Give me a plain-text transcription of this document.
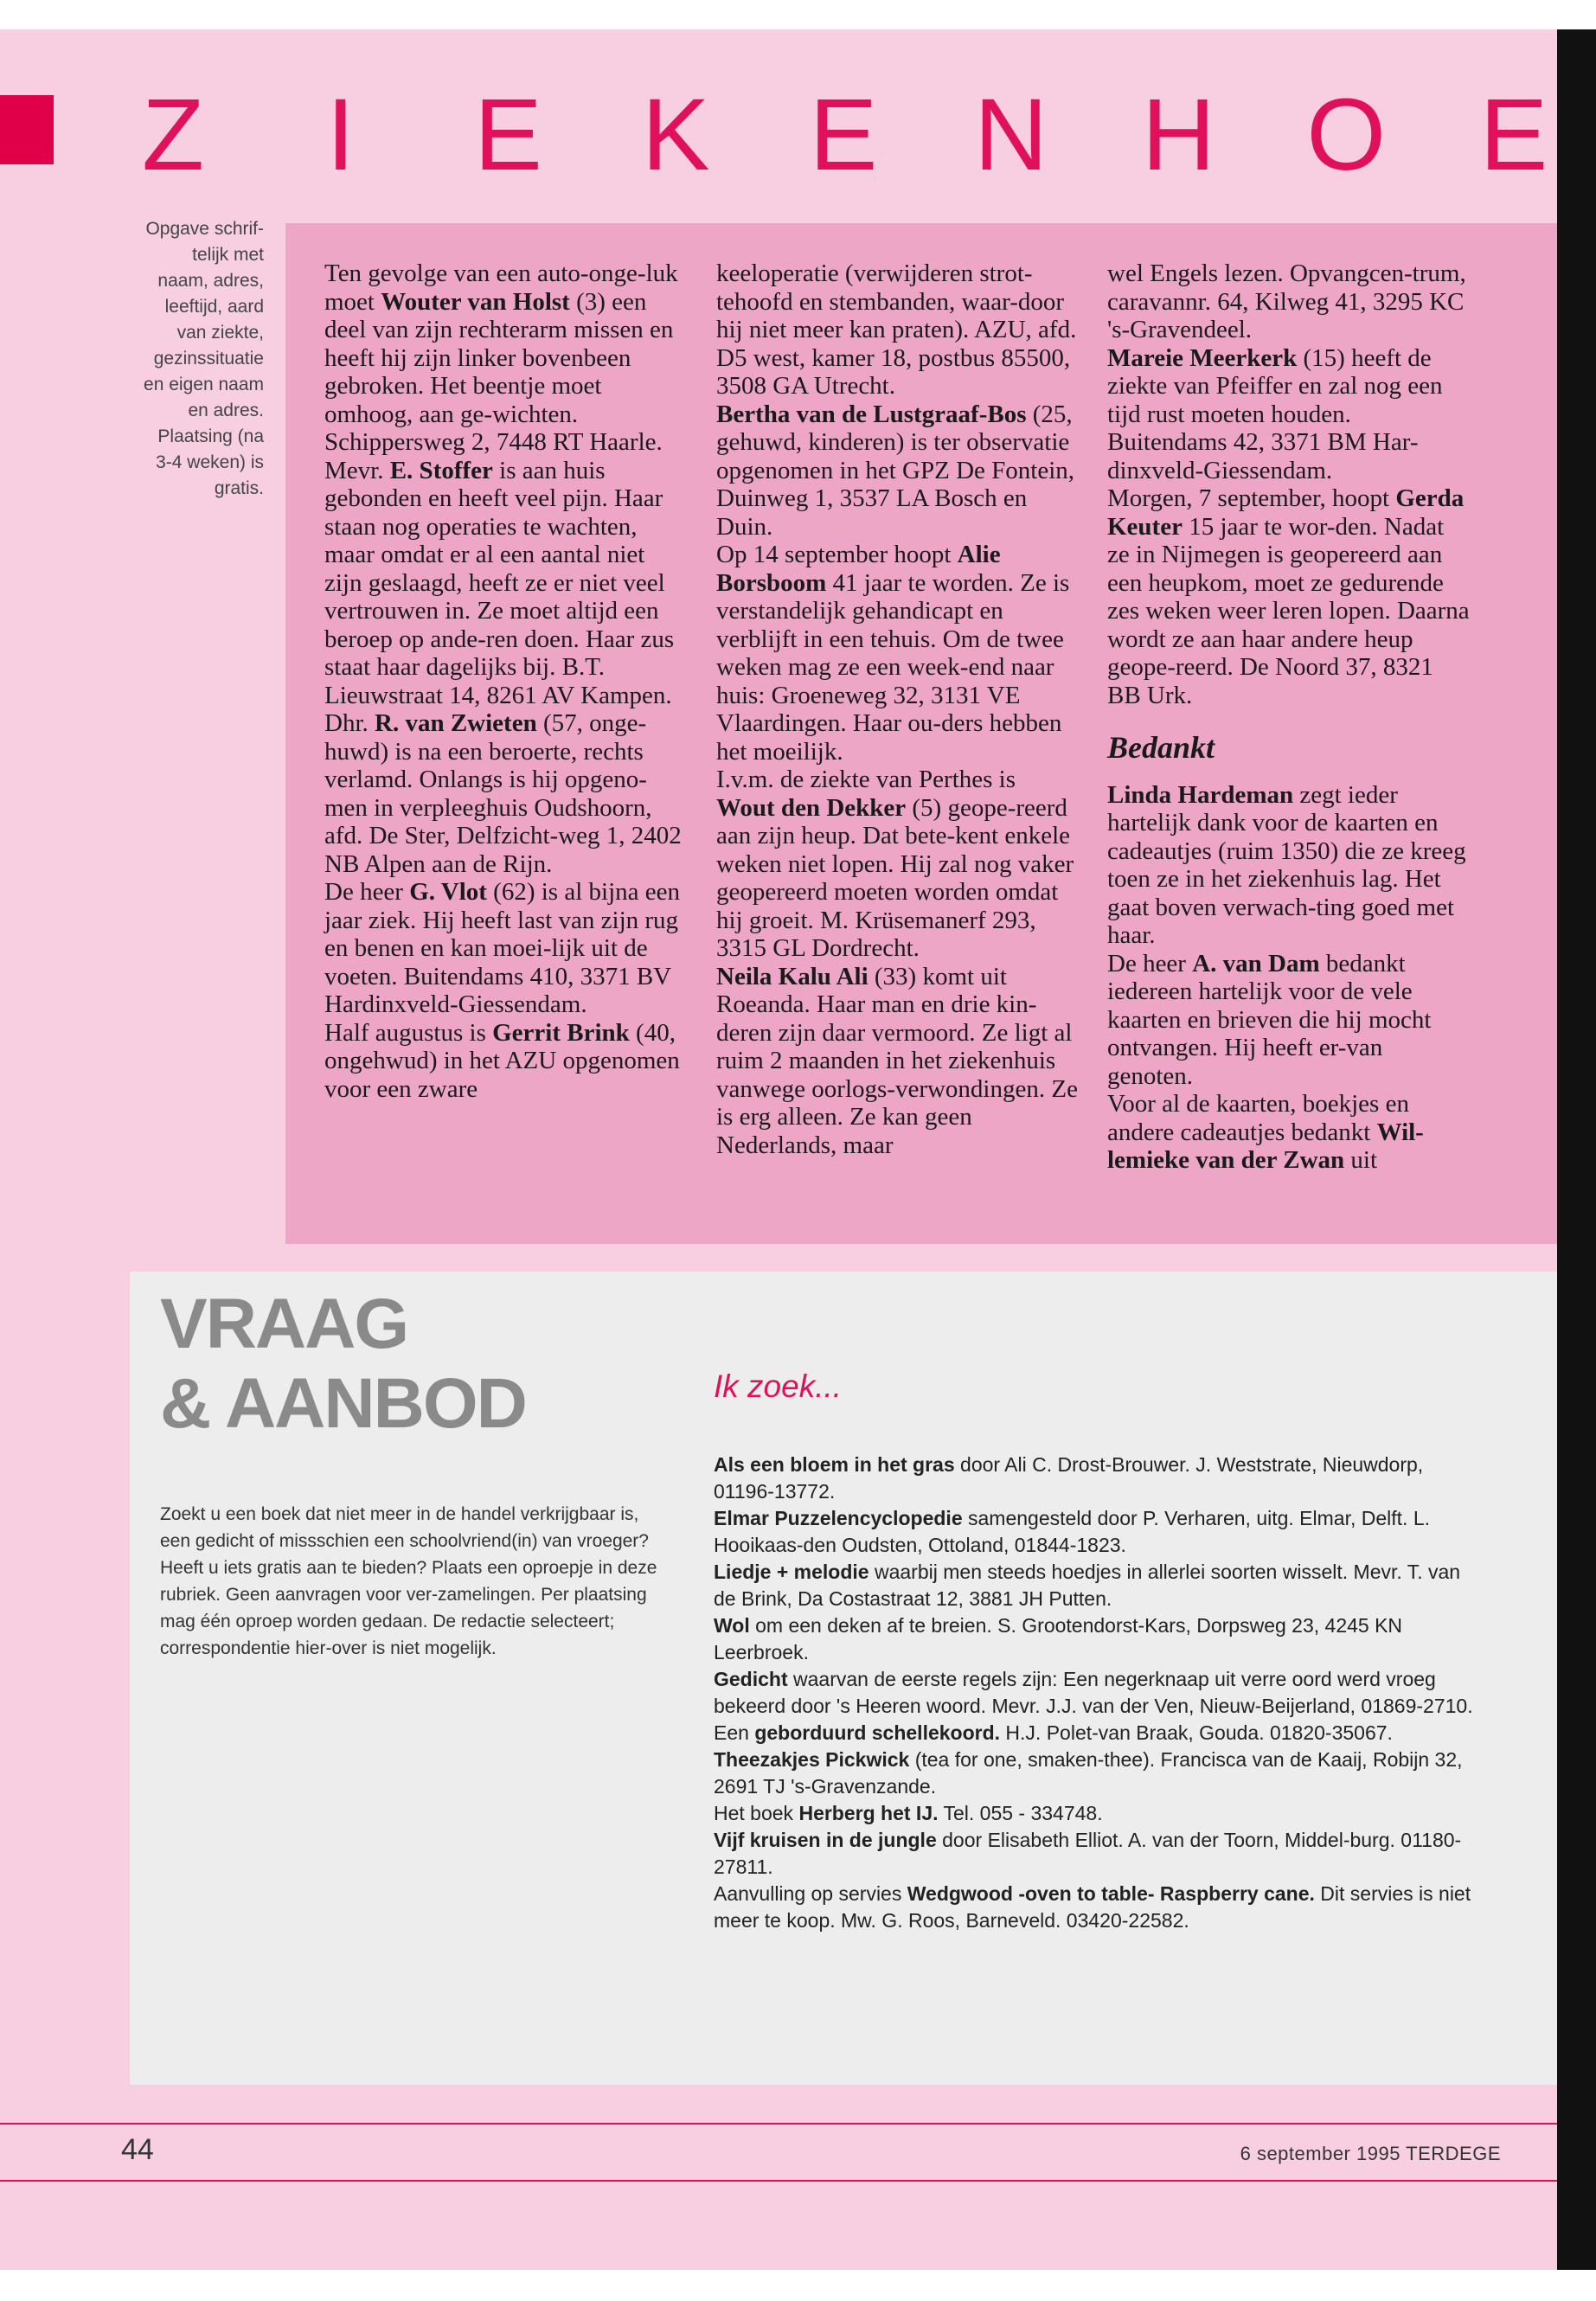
Z	I	E K E N H O E
Opgave schrif-
telijk met
naam, adres,
leeftijd, aard
van ziekte,
gezinssituatie
en eigen naam
en adres.
Plaatsing (na
3-4 weken) is
gratis.

Ten gevolge van een auto-onge-luk moet Wouter van Holst (3) een deel van zijn rechterarm missen en heeft hij zijn linker bovenbeen gebroken. Het beentje moet omhoog, aan ge-wichten. Schippersweg 2, 7448 RT Haarle.

Mevr. E. Stoffer is aan huis gebonden en heeft veel pijn. Haar staan nog operaties te wachten, maar omdat er al een aantal niet zijn geslaagd, heeft ze er niet veel vertrouwen in. Ze moet altijd een beroep op ande-ren doen. Haar zus staat haar dagelijks bij. B.T. Lieuwstraat 14, 8261 AV Kampen.

Dhr. R. van Zwieten (57, onge-huwd) is na een beroerte, rechts verlamd. Onlangs is hij opgeno-men in verpleeghuis Oudshoorn, afd. De Ster, Delfzicht-weg 1, 2402 NB Alpen aan de Rijn.

De heer G. Vlot (62) is al bijna een jaar ziek. Hij heeft last van zijn rug en benen en kan moei-lijk uit de voeten. Buitendams 410, 3371 BV Hardinxveld-Giessendam.

Half augustus is Gerrit Brink (40, ongehwud) in het AZU opgenomen voor een zware

keeloperatie (verwijderen strot-tehoofd en stembanden, waar-door hij niet meer kan praten). AZU, afd. D5 west, kamer 18, postbus 85500, 3508 GA Utrecht.

Bertha van de Lustgraaf-Bos (25, gehuwd, kinderen) is ter observatie opgenomen in het GPZ De Fontein, Duinweg 1, 3537 LA Bosch en Duin.

Op 14 september hoopt Alie Borsboom 41 jaar te worden. Ze is verstandelijk gehandicapt en verblijft in een tehuis. Om de twee weken mag ze een week-end naar huis: Groeneweg 32, 3131 VE Vlaardingen. Haar ou-ders hebben het moeilijk.

I.v.m. de ziekte van Perthes is Wout den Dekker (5) geope-reerd aan zijn heup. Dat bete-kent enkele weken niet lopen. Hij zal nog vaker geopereerd moeten worden omdat hij groeit. M. Krüsemanerf 293, 3315 GL Dordrecht.

Neila Kalu Ali (33) komt uit Roeanda. Haar man en drie kin-deren zijn daar vermoord. Ze ligt al ruim 2 maanden in het ziekenhuis vanwege oorlogs-verwondingen. Ze is erg alleen. Ze kan geen Nederlands, maar

wel Engels lezen. Opvangcen-trum, caravannr. 64, Kilweg 41, 3295 KC 's-Gravendeel.

Mareie Meerkerk (15) heeft de ziekte van Pfeiffer en zal nog een tijd rust moeten houden. Buitendams 42, 3371 BM Har-dinxveld-Giessendam.

Morgen, 7 september, hoopt Gerda Keuter 15 jaar te wor-den. Nadat ze in Nijmegen is geopereerd aan een heupkom, moet ze gedurende zes weken weer leren lopen. Daarna wordt ze aan haar andere heup geope-reerd. De Noord 37, 8321 BB Urk.

Bedankt

Linda Hardeman zegt ieder hartelijk dank voor de kaarten en cadeautjes (ruim 1350) die ze kreeg toen ze in het ziekenhuis lag. Het gaat boven verwach-ting goed met haar.

De heer A. van Dam bedankt iedereen hartelijk voor de vele kaarten en brieven die hij mocht ontvangen. Hij heeft er-van genoten.

Voor al de kaarten, boekjes en andere cadeautjes bedankt Wil-lemieke van der Zwan uit

VRAAG
& AANBOD
Zoekt u een boek dat niet meer in de handel verkrijgbaar is, een gedicht of missschien een schoolvriend(in) van vroeger? Heeft u iets gratis aan te bieden? Plaats een oproepje in deze rubriek. Geen aanvragen voor ver-zamelingen. Per plaatsing mag één oproep worden gedaan. De redactie selecteert; correspondentie hier-over is niet mogelijk.
Ik zoek...

Als een bloem in het gras door Ali C. Drost-Brouwer. J. Weststrate, Nieuwdorp, 01196-13772.

Elmar Puzzelencyclopedie samengesteld door P. Verharen, uitg. Elmar, Delft. L. Hooikaas-den Oudsten, Ottoland, 01844-1823.

Liedje + melodie waarbij men steeds hoedjes in allerlei soorten wisselt. Mevr. T. van de Brink, Da Costastraat 12, 3881 JH Putten.

Wol om een deken af te breien. S. Grootendorst-Kars, Dorpsweg 23, 4245 KN Leerbroek.

Gedicht waarvan de eerste regels zijn: Een negerknaap uit verre oord werd vroeg bekeerd door 's Heeren woord. Mevr. J.J. van der Ven, Nieuw-Beijerland, 01869-2710.

Een geborduurd schellekoord. H.J. Polet-van Braak, Gouda. 01820-35067.

Theezakjes Pickwick (tea for one, smaken-thee). Francisca van de Kaaij, Robijn 32, 2691 TJ 's-Gravenzande.

Het boek Herberg het IJ. Tel. 055 - 334748.

Vijf kruisen in de jungle door Elisabeth Elliot. A. van der Toorn, Middel-burg. 01180-27811.

Aanvulling op servies Wedgwood -oven to table- Raspberry cane. Dit servies is niet meer te koop. Mw. G. Roos, Barneveld. 03420-22582.

44	6 september 1995 TERDEGE
